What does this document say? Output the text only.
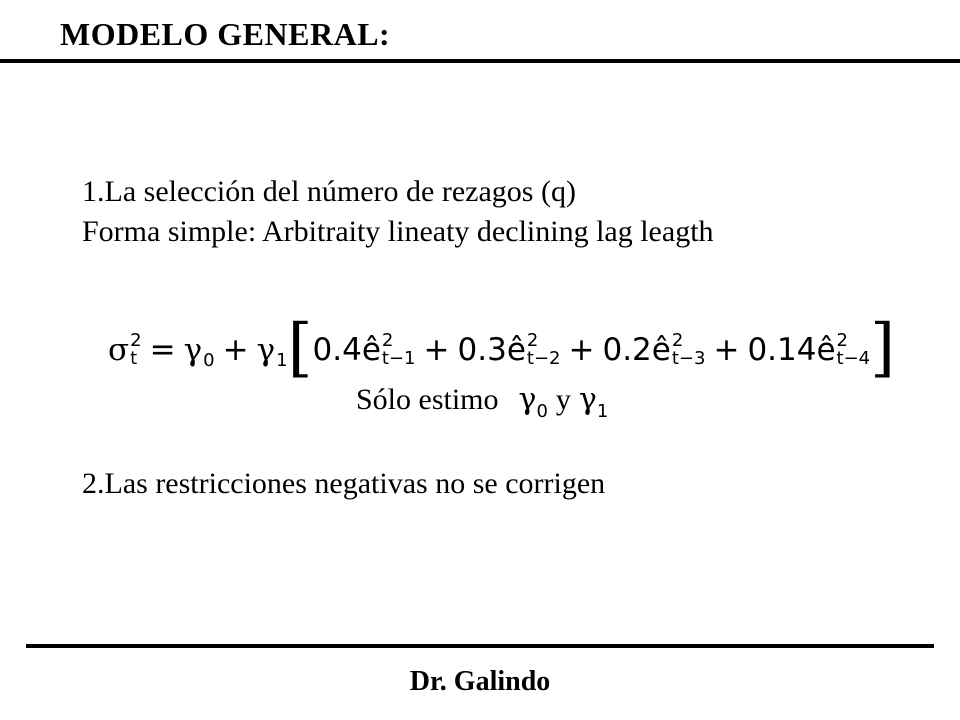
MODELO GENERAL:
1.La selección del número de rezagos (q)
Forma simple: Arbitraity lineaty declining lag leagth
σ 2
t = γ 0 + γ 1 [ 0.4 ê 2
t−1 + 0.3 ê 2
t−2 + 0.2 ê 2
t−3 + 0.14 ê 2
t−4 ]
Sólo estimo γ 0 y γ 1
2.Las restricciones negativas no se corrigen
Dr. Galindo
